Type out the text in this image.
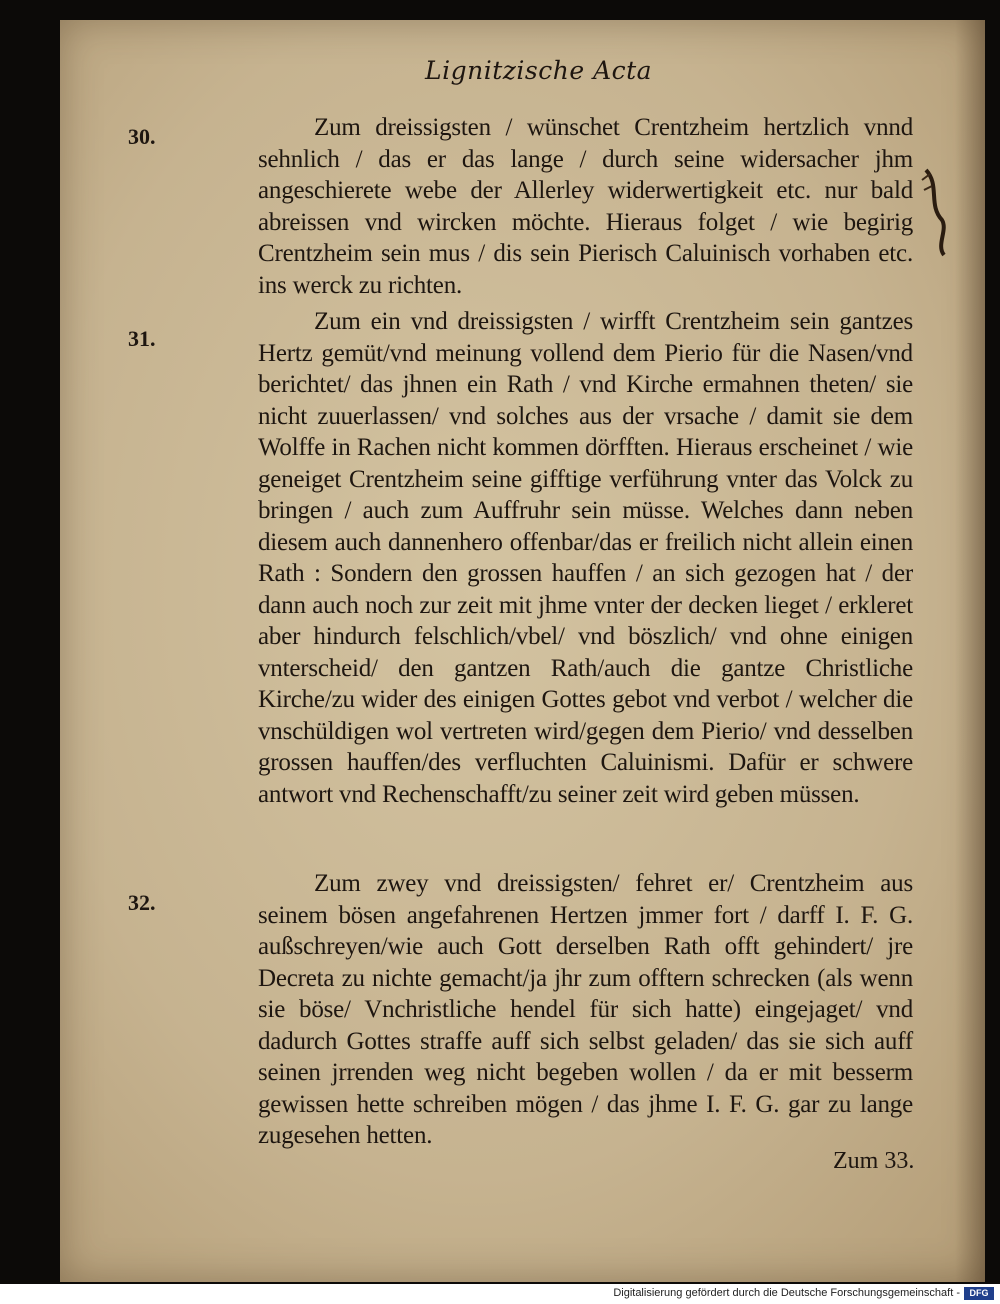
Lignitzische Acta
30.	Zum dreissigsten / wünschet Crentzheim hertzlich vnnd sehnlich / das er das lange / durch seine widersacher jhm angeschierete webe der Allerley widerwertigkeit etc. nur bald abreissen vnd wircken möchte. Hieraus folget / wie begirig Crentzheim sein mus / dis sein Pierisch Caluinisch vorhaben etc. ins werck zu richten.
31.
Zum ein vnd dreissigsten / wirfft Crentzheim sein gantzes Hertz gemüt/vnd meinung vollend dem Pierio für die Nasen/vnd berichtet/ das jhnen ein Rath / vnd Kirche ermahnen theten/ sie nicht zuuerlassen/ vnd solches aus der vrsache / damit sie dem Wolffe in Rachen nicht kommen dörfften. Hieraus erscheinet / wie geneiget Crentzheim seine gifftige verführung vnter das Volck zu bringen / auch zum Auffruhr sein müsse. Welches dann neben diesem auch dannenhero offenbar/das er freilich nicht allein einen Rath : Sondern den grossen hauffen / an sich gezogen hat / der dann auch noch zur zeit mit jhme vnter der decken lieget / erkleret aber hindurch felschlich/vbel/ vnd böszlich/ vnd ohne einigen vnterscheid/ den gantzen Rath/auch die gantze Christliche Kirche/zu wider des einigen Gottes gebot vnd verbot / welcher die vnschüldigen wol vertreten wird/gegen dem Pierio/ vnd desselben grossen hauffen/des verfluchten Caluinismi. Dafür er schwere antwort vnd Rechenschafft/zu seiner zeit wird geben müssen.
32.
Zum zwey vnd dreissigsten/ fehret er/ Crentzheim aus seinem bösen angefahrenen Hertzen jmmer fort / darff I. F. G. außschreyen/wie auch Gott derselben Rath offt gehindert/ jre Decreta zu nichte gemacht/ja jhr zum offtern schrecken (als wenn sie böse/ Vnchristliche hendel für sich hatte) eingejaget/ vnd dadurch Gottes straffe auff sich selbst geladen/ das sie sich auff seinen jrrenden weg nicht begeben wollen / da er mit besserm gewissen hette schreiben mögen / das jhme I. F. G. gar zu lange zugesehen hetten.
Zum 33.
Digitalisierung gefördert durch die Deutsche Forschungsgemeinschaft -	DFG
